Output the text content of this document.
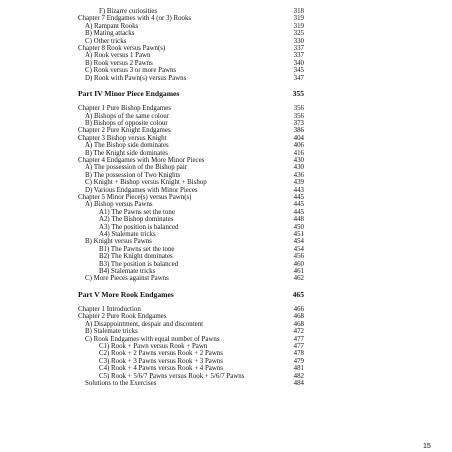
F) Bizarre curiosities	318
Chapter 7 Endgames with 4 (or 3) Rooks	319
A) Rampant Rooks	319
B) Mating attacks	325
C) Other tricks	330
Chapter 8 Rook versus Pawn(s)	337
A) Rook versus 1 Pawn	337
B) Rook versus 2 Pawns	340
C) Rook versus 3 or more Pawns	345
D) Rook with Pawn(s) versus Pawns	347
Part IV Minor Piece Endgames	355
Chapter 1 Pure Bishop Endgames	356
A) Bishops of the same colour	356
B) Bishops of opposite colour	373
Chapter 2 Pure Knight Endgames	386
Chapter 3 Bishop versus Knight	404
A) The Bishop side dominates	406
B) The Knight side dominates	416
Chapter 4 Endgames with More Minor Pieces	430
A) The possession of the Bishop pair	430
B) The possession of Two Knights	436
C) Knight + Bishop versus Knight + Bishop	439
D) Various Endgames with Minor Pieces	443
Chapter 5 Minor Piece(s) versus Pawn(s)	445
A) Bishop versus Pawns	445
A1) The Pawns set the tone	445
A2) The Bishop dominates	448
A3) The position is balanced	450
A4) Stalemate tricks	451
B) Knight versus Pawns	454
B1) The Pawns set the tone	454
B2) The Knight dominates	456
B3) The position is balanced	460
B4) Stalemate tricks	461
C) More Pieces against Pawns	462
Part V More Rook Endgames	465
Chapter 1 Introduction	466
Chapter 2 Pure Rook Endgames	468
A) Disappointment, despair and discontent	468
B) Stalemate tricks	472
C) Rook Endgames with equal number of Pawns	477
C1) Rook + Pawn versus Rook + Pawn	477
C2) Rook + 2 Pawns versus Rook + 2 Pawns	478
C3) Rook + 3 Pawns versus Rook + 3 Pawns	479
C4) Rook + 4 Pawns versus Rook + 4 Pawns	481
C5) Rook + 5/6/7 Pawns versus Rook + 5/6/7 Pawns	482
Solutions to the Exercises	484
15
